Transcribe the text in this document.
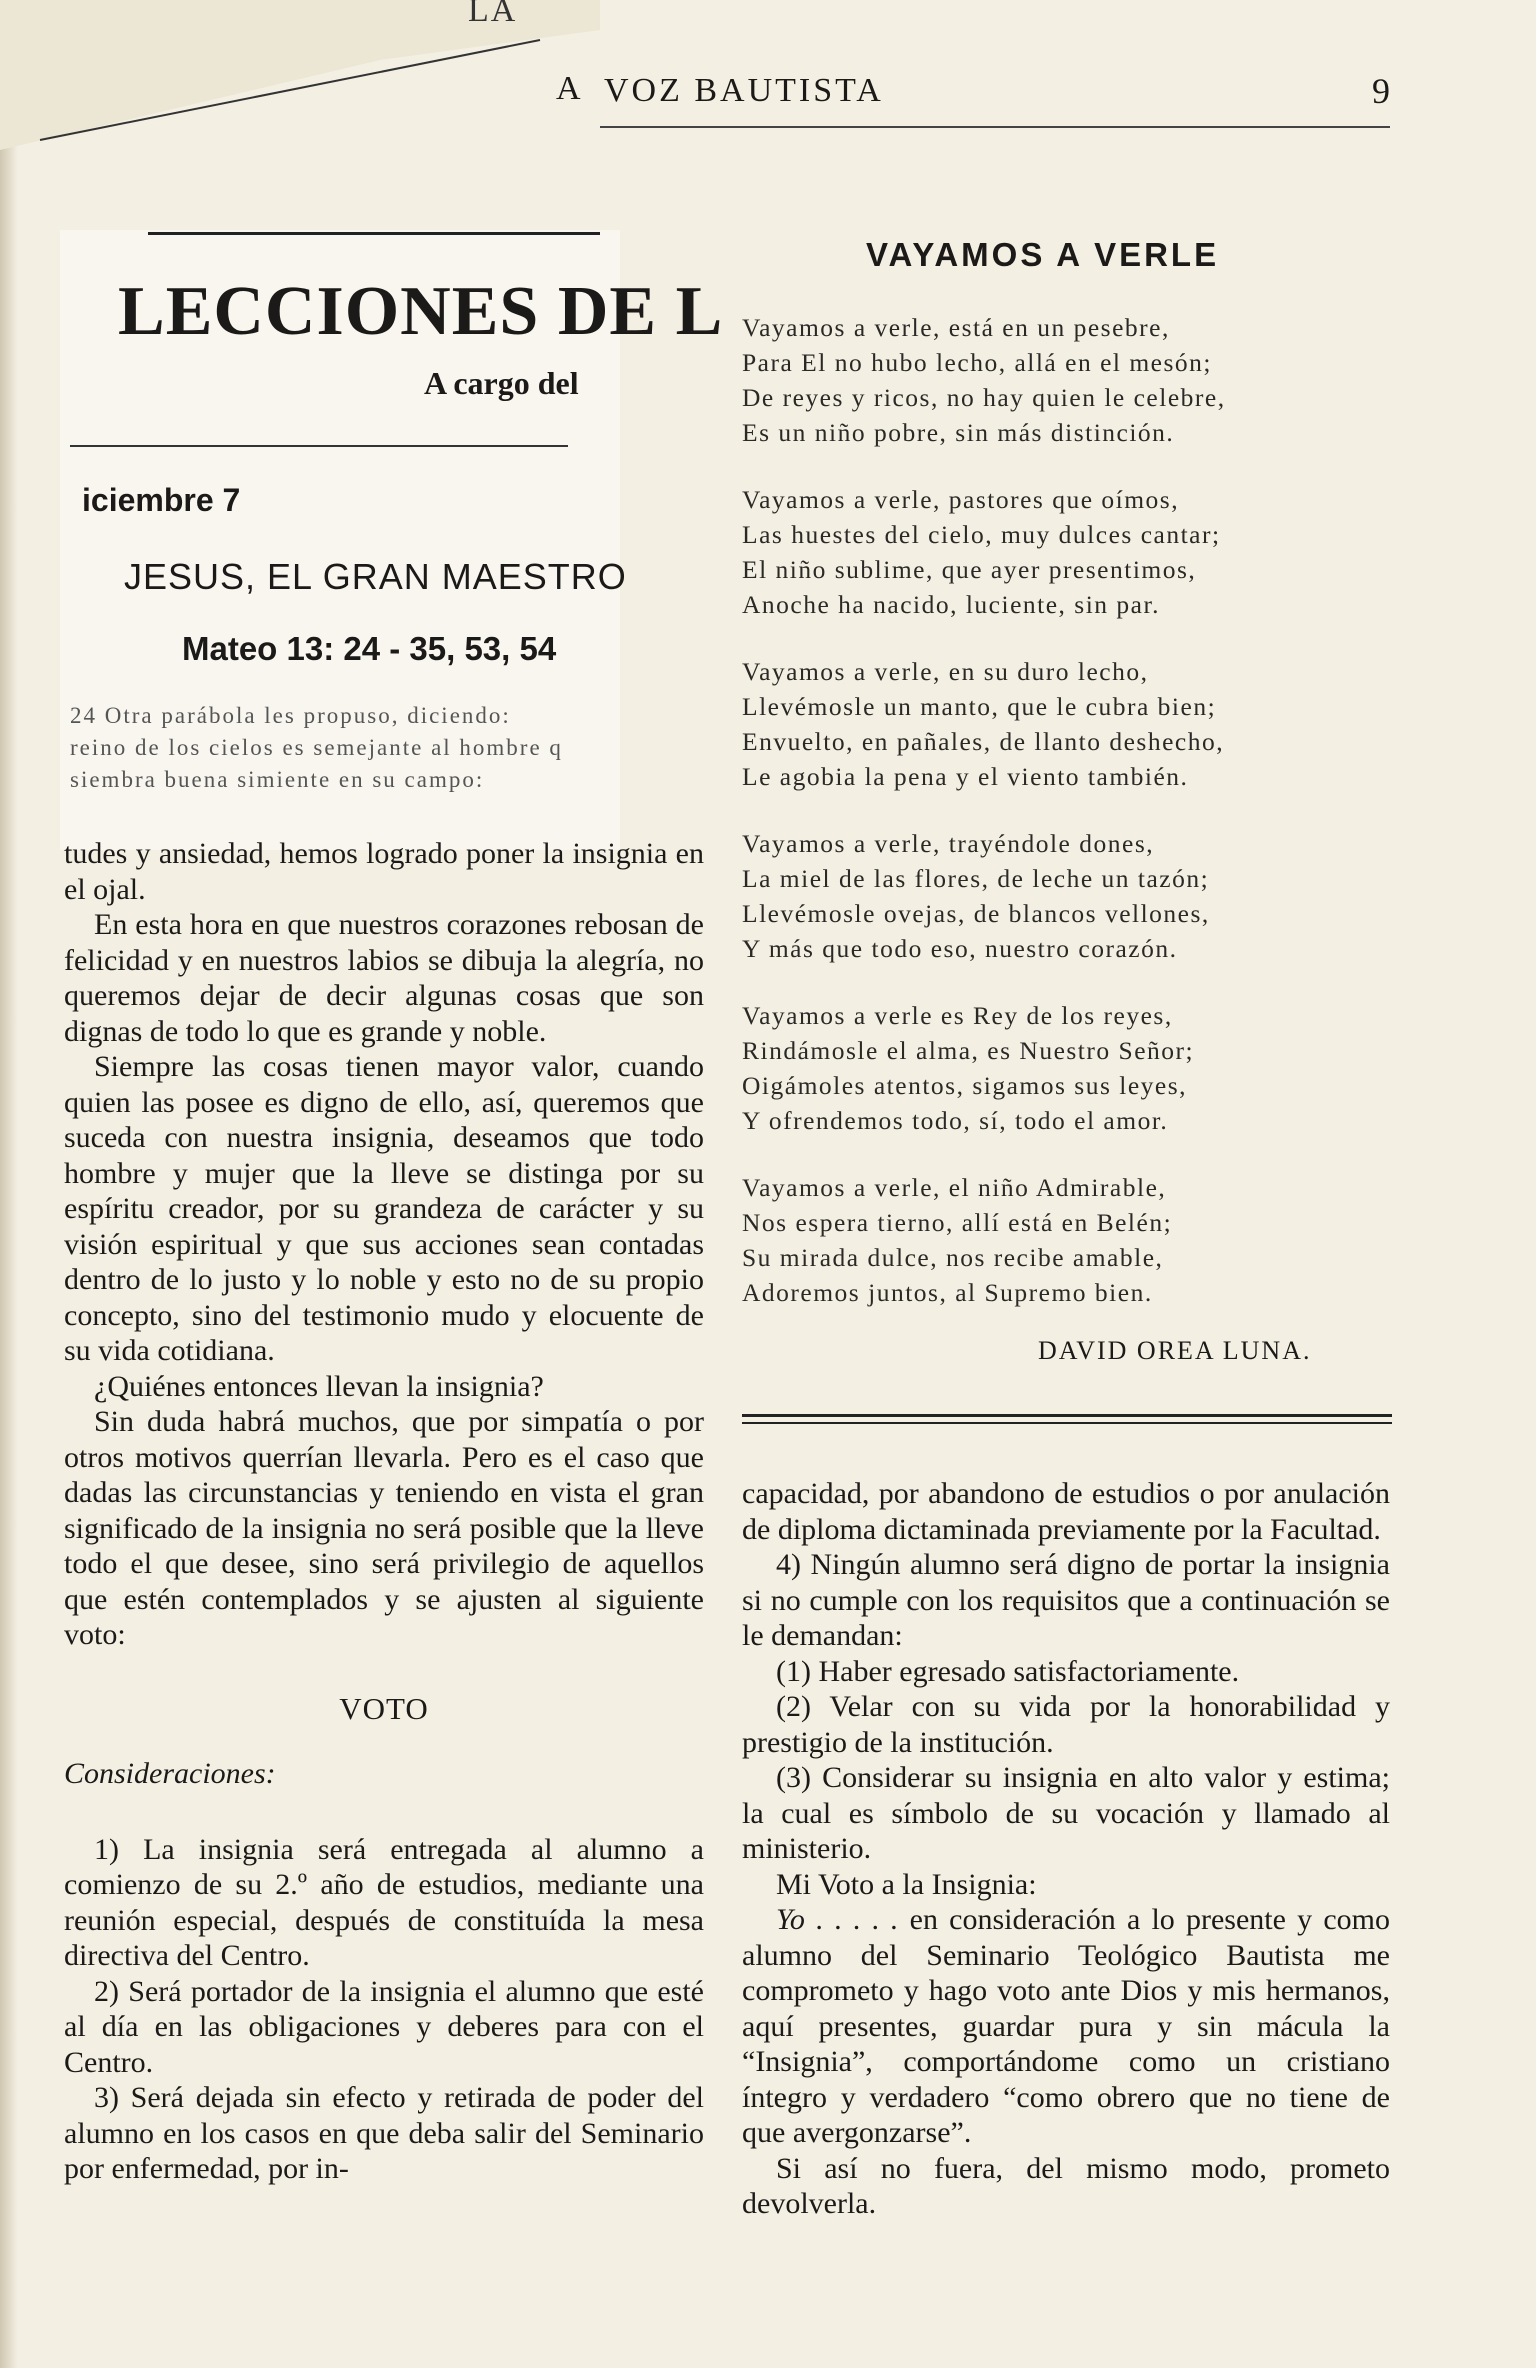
LA
A VOZ BAUTISTA	9
LECCIONES DE L
A cargo del
iciembre 7
JESUS, EL GRAN MAESTRO
Mateo 13: 24 - 35, 53, 54
24 Otra parábola les propuso, diciendo:
reino de los cielos es semejante al hombre q
siembra buena simiente en su campo:
VAYAMOS A VERLE
Vayamos a verle, está en un pesebre,
Para El no hubo lecho, allá en el mesón;
De reyes y ricos, no hay quien le celebre,
Es un niño pobre, sin más distinción.
Vayamos a verle, pastores que oímos,
Las huestes del cielo, muy dulces cantar;
El niño sublime, que ayer presentimos,
Anoche ha nacido, luciente, sin par.
Vayamos a verle, en su duro lecho,
Llevémosle un manto, que le cubra bien;
Envuelto, en pañales, de llanto deshecho,
Le agobia la pena y el viento también.
Vayamos a verle, trayéndole dones,
La miel de las flores, de leche un tazón;
Llevémosle ovejas, de blancos vellones,
Y más que todo eso, nuestro corazón.
Vayamos a verle es Rey de los reyes,
Rindámosle el alma, es Nuestro Señor;
Oigámoles atentos, sigamos sus leyes,
Y ofrendemos todo, sí, todo el amor.
Vayamos a verle, el niño Admirable,
Nos espera tierno, allí está en Belén;
Su mirada dulce, nos recibe amable,
Adoremos juntos, al Supremo bien.
DAVID OREA LUNA.

tudes y ansiedad, hemos logrado poner la insignia en el ojal.

En esta hora en que nuestros corazones rebosan de felicidad y en nuestros labios se dibuja la alegría, no queremos dejar de decir algunas cosas que son dignas de todo lo que es grande y noble.

Siempre las cosas tienen mayor valor, cuando quien las posee es digno de ello, así, queremos que suceda con nuestra insignia, deseamos que todo hombre y mujer que la lleve se distinga por su espíritu creador, por su grandeza de carácter y su visión espiritual y que sus acciones sean contadas dentro de lo justo y lo noble y esto no de su propio concepto, sino del testimonio mudo y elocuente de su vida cotidiana.

¿Quiénes entonces llevan la insignia?

Sin duda habrá muchos, que por simpatía o por otros motivos querrían llevarla. Pero es el caso que dadas las circunstancias y teniendo en vista el gran significado de la insignia no será posible que la lleve todo el que desee, sino será privilegio de aquellos que estén contemplados y se ajusten al siguiente voto:

VOTO

Consideraciones:

1) La insignia será entregada al alumno a comienzo de su 2.º año de estudios, mediante una reunión especial, después de constituída la mesa directiva del Centro.

2) Será portador de la insignia el alumno que esté al día en las obligaciones y deberes para con el Centro.

3) Será dejada sin efecto y retirada de poder del alumno en los casos en que deba salir del Seminario por enfermedad, por in-

capacidad, por abandono de estudios o por anulación de diploma dictaminada previamente por la Facultad.

4) Ningún alumno será digno de portar la insignia si no cumple con los requisitos que a continuación se le demandan:

(1) Haber egresado satisfactoriamente.

(2) Velar con su vida por la honorabilidad y prestigio de la institución.

(3) Considerar su insignia en alto valor y estima; la cual es símbolo de su vocación y llamado al ministerio.

Mi Voto a la Insignia:

Yo . . . . . en consideración a lo presente y como alumno del Seminario Teológico Bautista me comprometo y hago voto ante Dios y mis hermanos, aquí presentes, guardar pura y sin mácula la “Insignia”, comportándome como un cristiano íntegro y verdadero “como obrero que no tiene de que avergonzarse”.

Si así no fuera, del mismo modo, prometo devolverla.
